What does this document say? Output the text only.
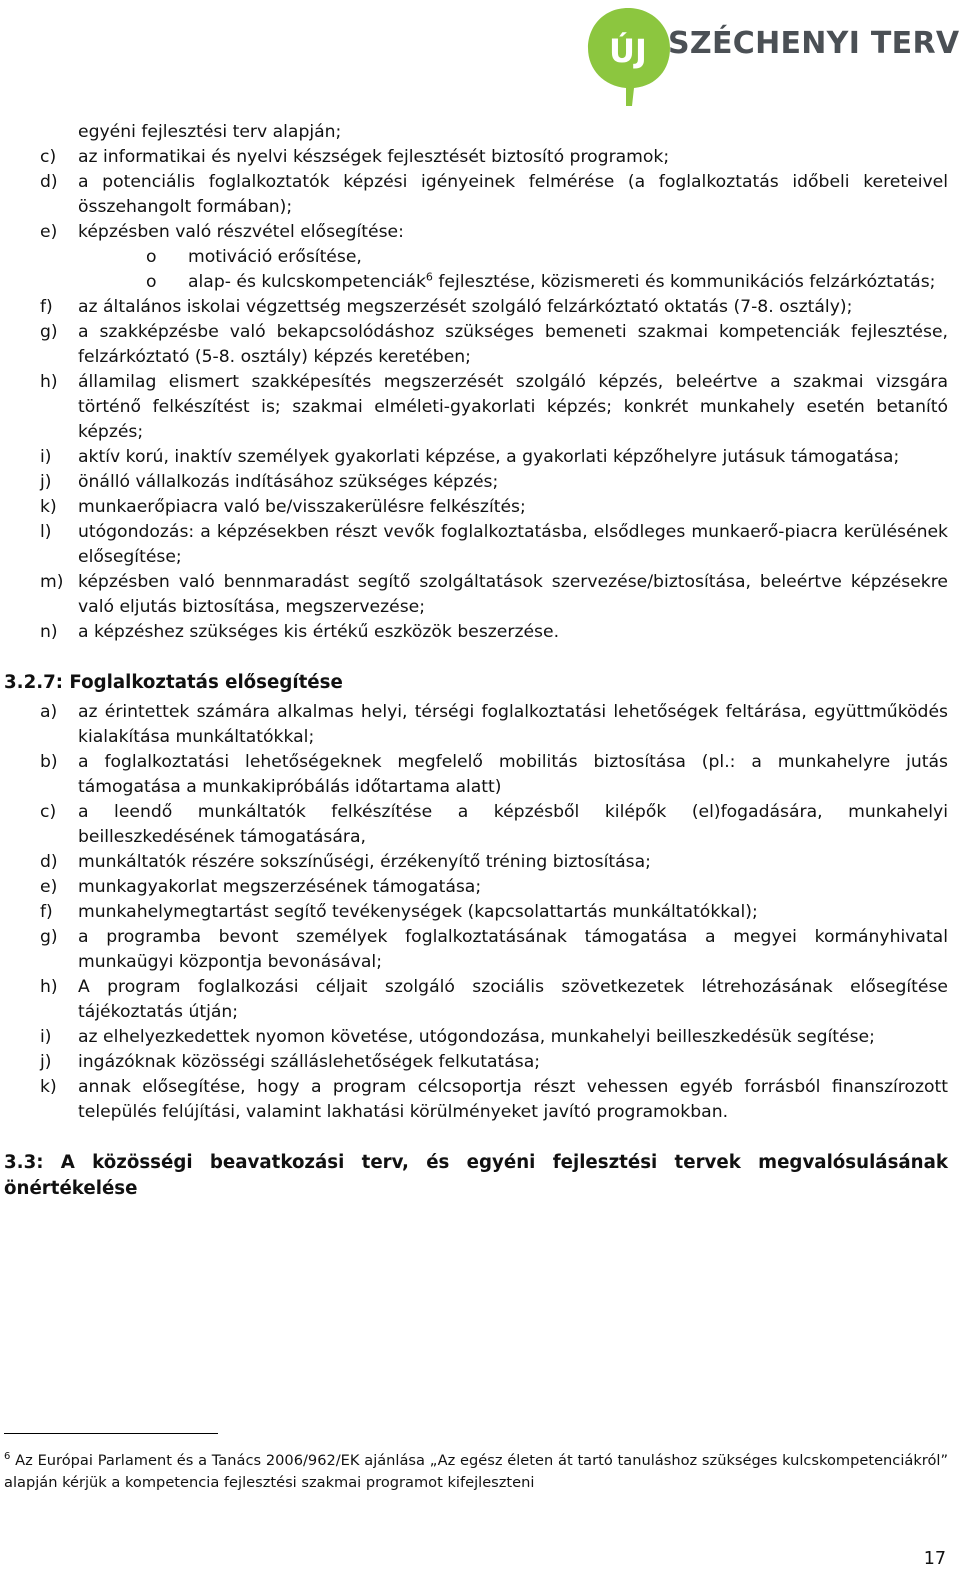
ÚJ SZÉCHENYI TERV
egyéni fejlesztési terv alapján;
c) az informatikai és nyelvi készségek fejlesztését biztosító programok;
d) a potenciális foglalkoztatók képzési igényeinek felmérése (a foglalkoztatás időbeli kereteivel összehangolt formában);
e) képzésben való részvétel elősegítése:
o motiváció erősítése,
o alap- és kulcskompetenciák$^6$ fejlesztése, közismereti és kommunikációs felzárkóztatás;
f) az általános iskolai végzettség megszerzését szolgáló felzárkóztató oktatás (7-8. osztály);
g) a szakképzésbe való bekapcsolódáshoz szükséges bemeneti szakmai kompetenciák fejlesztése, felzárkóztató (5-8. osztály) képzés keretében;
h) államilag elismert szakképesítés megszerzését szolgáló képzés, beleértve a szakmai vizsgára történő felkészítést is; szakmai elméleti-gyakorlati képzés; konkrét munkahely esetén betanító képzés;
i) aktív korú, inaktív személyek gyakorlati képzése, a gyakorlati képzőhelyre jutásuk támogatása;
j) önálló vállalkozás indításához szükséges képzés;
k) munkaerőpiacra való be/visszakerülésre felkészítés;
l) utógondozás: a képzésekben részt vevők foglalkoztatásba, elsődleges munkaerő-piacra kerülésének elősegítése;
m) képzésben való bennmaradást segítő szolgáltatások szervezése/biztosítása, beleértve képzésekre való eljutás biztosítása, megszervezése;
n) a képzéshez szükséges kis értékű eszközök beszerzése.
3.2.7: Foglalkoztatás elősegítése
a) az érintettek számára alkalmas helyi, térségi foglalkoztatási lehetőségek feltárása, együttműködés kialakítása munkáltatókkal;
b) a foglalkoztatási lehetőségeknek megfelelő mobilitás biztosítása (pl.: a munkahelyre jutás támogatása a munkakipróbálás időtartama alatt)
c) a leendő munkáltatók felkészítése a képzésből kilépők (el)fogadására, munkahelyi beilleszkedésének támogatására,
d) munkáltatók részére sokszínűségi, érzékenyítő tréning biztosítása;
e) munkagyakorlat megszerzésének támogatása;
f) munkahelymegtartást segítő tevékenységek (kapcsolattartás munkáltatókkal);
g) a programba bevont személyek foglalkoztatásának támogatása a megyei kormányhivatal munkaügyi központja bevonásával;
h) A program foglalkozási céljait szolgáló szociális szövetkezetek létrehozásának elősegítése tájékoztatás útján;
i) az elhelyezkedettek nyomon követése, utógondozása, munkahelyi beilleszkedésük segítése;
j) ingázóknak közösségi szálláslehetőségek felkutatása;
k) annak elősegítése, hogy a program célcsoportja részt vehessen egyéb forrásból finanszírozott település felújítási, valamint lakhatási körülményeket javító programokban.
3.3: A közösségi beavatkozási terv, és egyéni fejlesztési tervek megvalósulásának önértékelése
$^6$ Az Európai Parlament és a Tanács 2006/962/EK ajánlása „Az egész életen át tartó tanuláshoz szükséges kulcskompetenciákról” alapján kérjük a kompetencia fejlesztési szakmai programot kifejleszteni
17
